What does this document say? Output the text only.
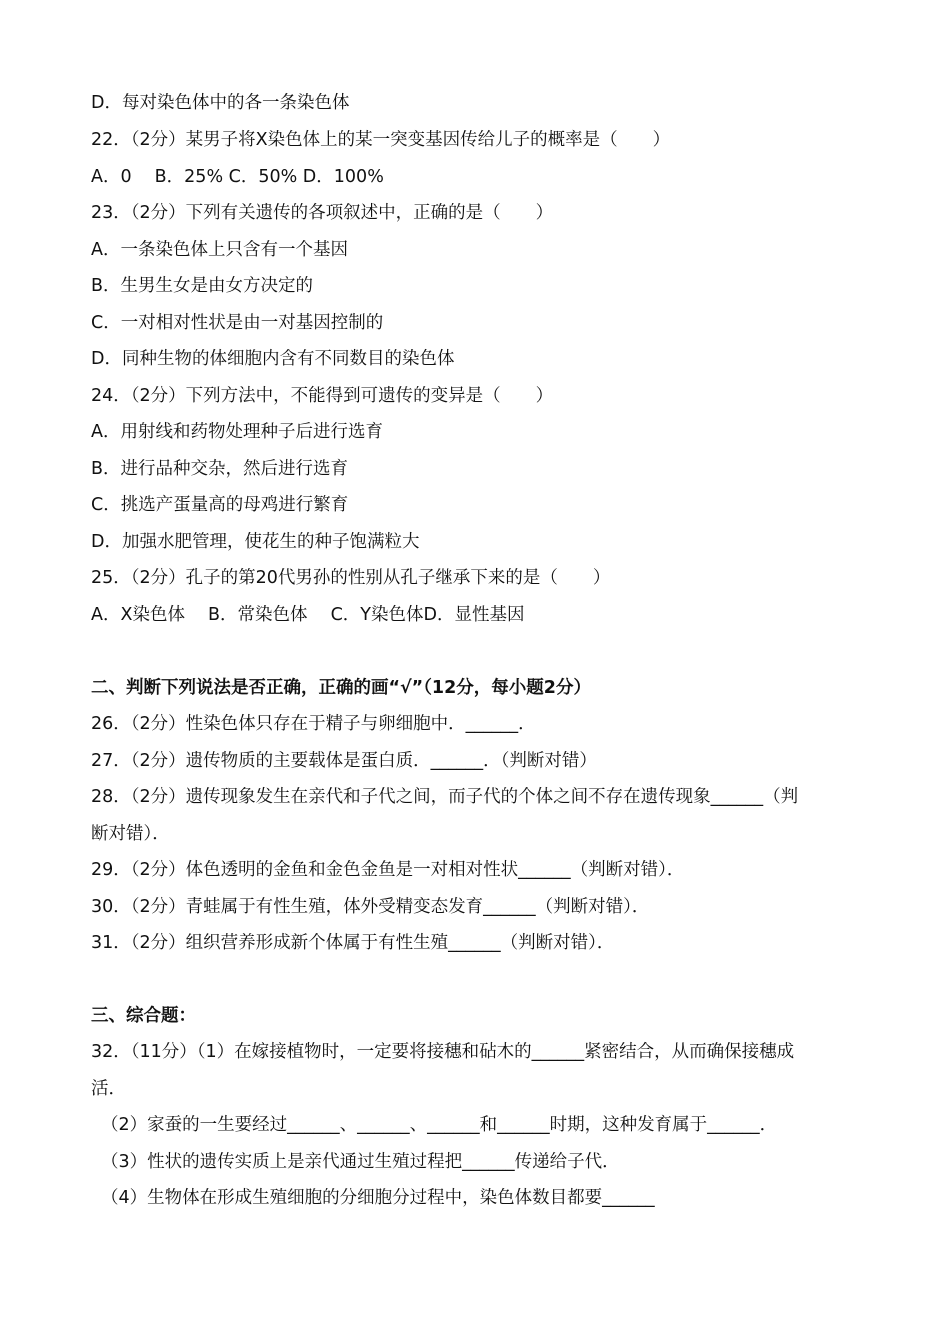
D．每对染色体中的各一条染色体
22．（2分）某男子将X染色体上的某一突变基因传给儿子的概率是（　　）
A．0　 B．25% C．50% D．100%
23．（2分）下列有关遗传的各项叙述中，正确的是（　　）
A．一条染色体上只含有一个基因
B．生男生女是由女方决定的
C．一对相对性状是由一对基因控制的
D．同种生物的体细胞内含有不同数目的染色体
24．（2分）下列方法中，不能得到可遗传的变异是（　　）
A．用射线和药物处理种子后进行选育
B．进行品种交杂，然后进行选育
C．挑选产蛋量高的母鸡进行繁育
D．加强水肥管理，使花生的种子饱满粒大
25．（2分）孔子的第20代男孙的性别从孔子继承下来的是（　　）
A．X染色体　 B．常染色体　 C．Y染色体D．显性基因
二、判断下列说法是否正确，正确的画“√”（12分，每小题2分）
26．（2分）性染色体只存在于精子与卵细胞中．______．
27．（2分）遗传物质的主要载体是蛋白质．______．（判断对错）
28．（2分）遗传现象发生在亲代和子代之间，而子代的个体之间不存在遗传现象______（判
断对错）．
29．（2分）体色透明的金鱼和金色金鱼是一对相对性状______（判断对错）．
30．（2分）青蛙属于有性生殖，体外受精变态发育______（判断对错）．
31．（2分）组织营养形成新个体属于有性生殖______（判断对错）．
三、综合题：
32．（11分）（1）在嫁接植物时，一定要将接穗和砧木的______紧密结合，从而确保接穗成
活．
（2）家蚕的一生要经过______、______、______和______时期，这种发育属于______．
（3）性状的遗传实质上是亲代通过生殖过程把______传递给子代．
（4）生物体在形成生殖细胞的分细胞分过程中，染色体数目都要______
